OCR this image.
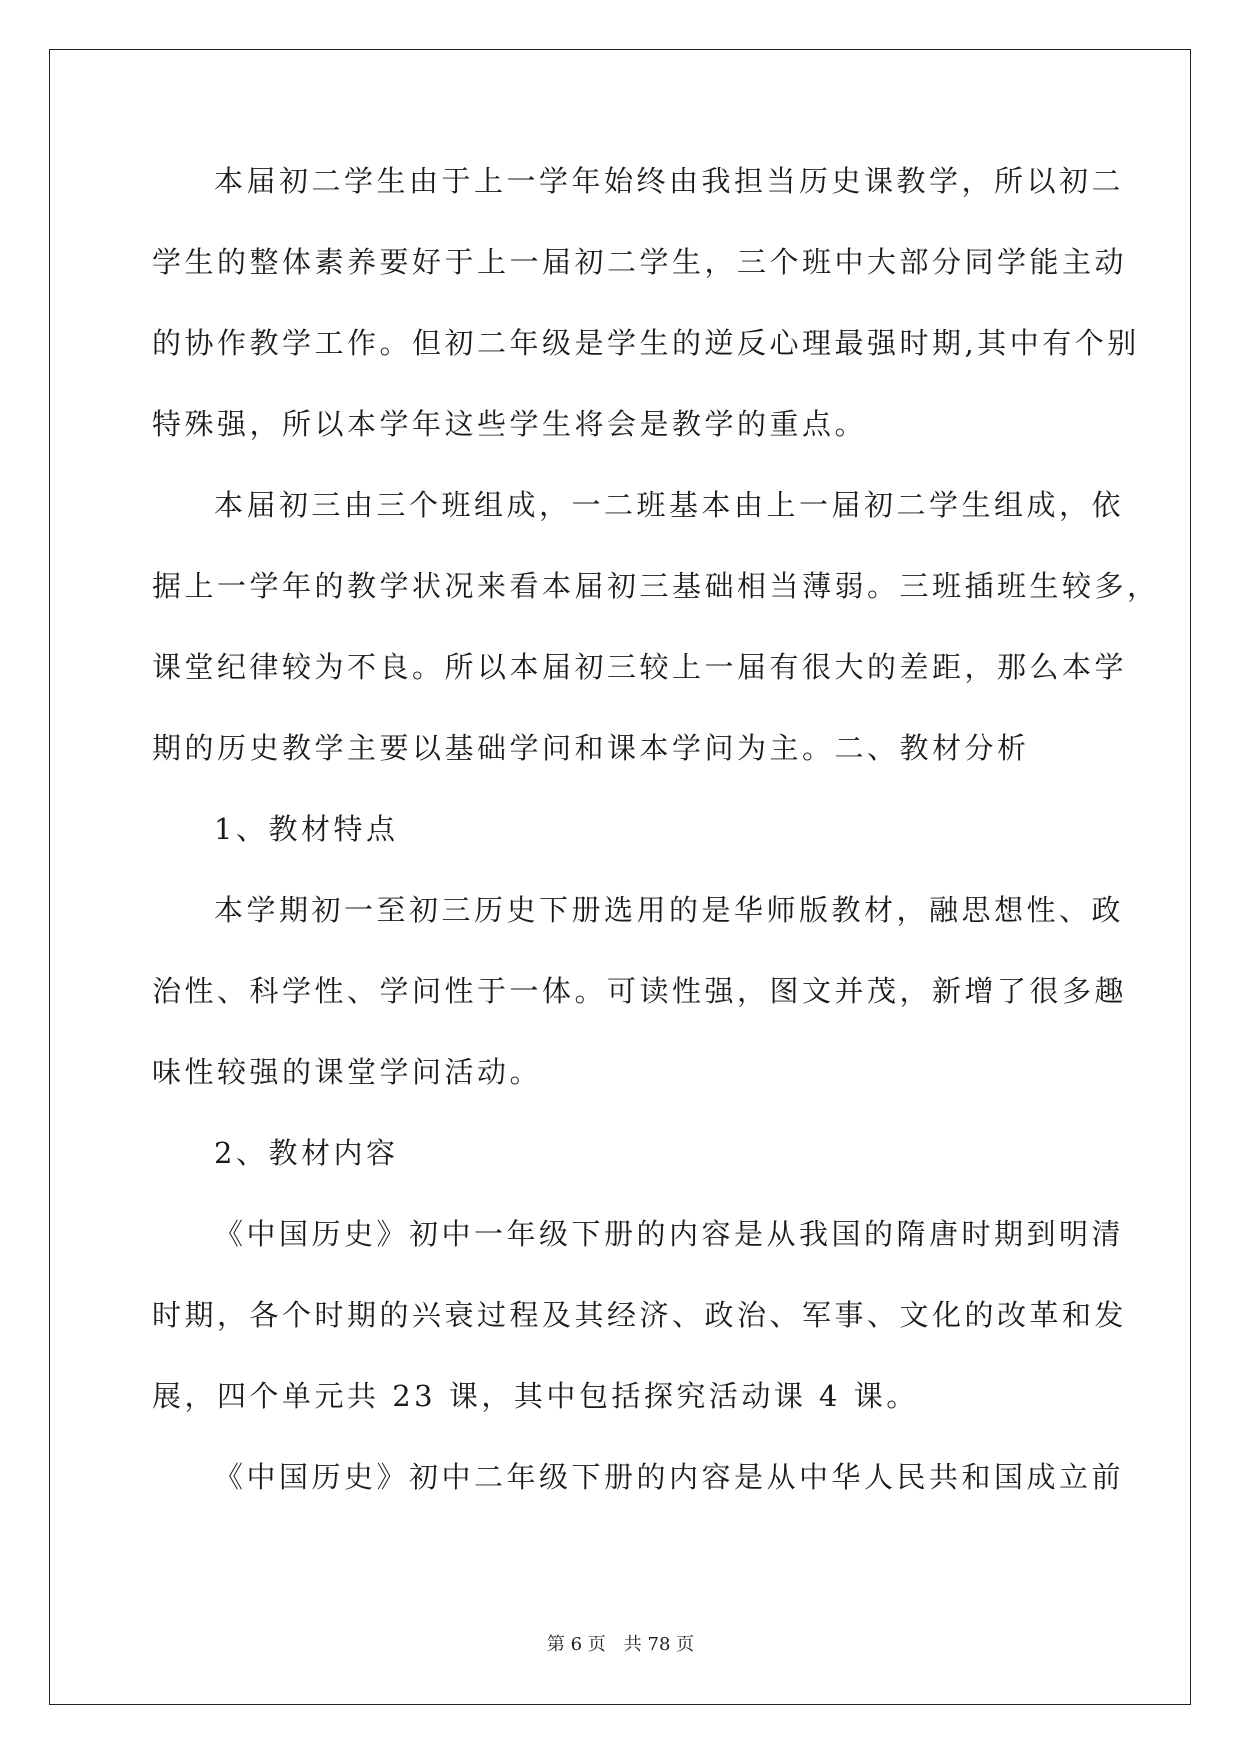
本届初二学生由于上一学年始终由我担当历史课教学，所以初二
学生的整体素养要好于上一届初二学生，三个班中大部分同学能主动
的协作教学工作。但初二年级是学生的逆反心理最强时期,其中有个别
特殊强，所以本学年这些学生将会是教学的重点。
本届初三由三个班组成，一二班基本由上一届初二学生组成，依
据上一学年的教学状况来看本届初三基础相当薄弱。三班插班生较多，
课堂纪律较为不良。所以本届初三较上一届有很大的差距，那么本学
期的历史教学主要以基础学问和课本学问为主。二、教材分析
1、教材特点
本学期初一至初三历史下册选用的是华师版教材，融思想性、政
治性、科学性、学问性于一体。可读性强，图文并茂，新增了很多趣
味性较强的课堂学问活动。
2、教材内容
《中国历史》初中一年级下册的内容是从我国的隋唐时期到明清
时期，各个时期的兴衰过程及其经济、政治、军事、文化的改革和发
展，四个单元共 23 课，其中包括探究活动课 4 课。
《中国历史》初中二年级下册的内容是从中华人民共和国成立前
第 6 页 共 78 页
